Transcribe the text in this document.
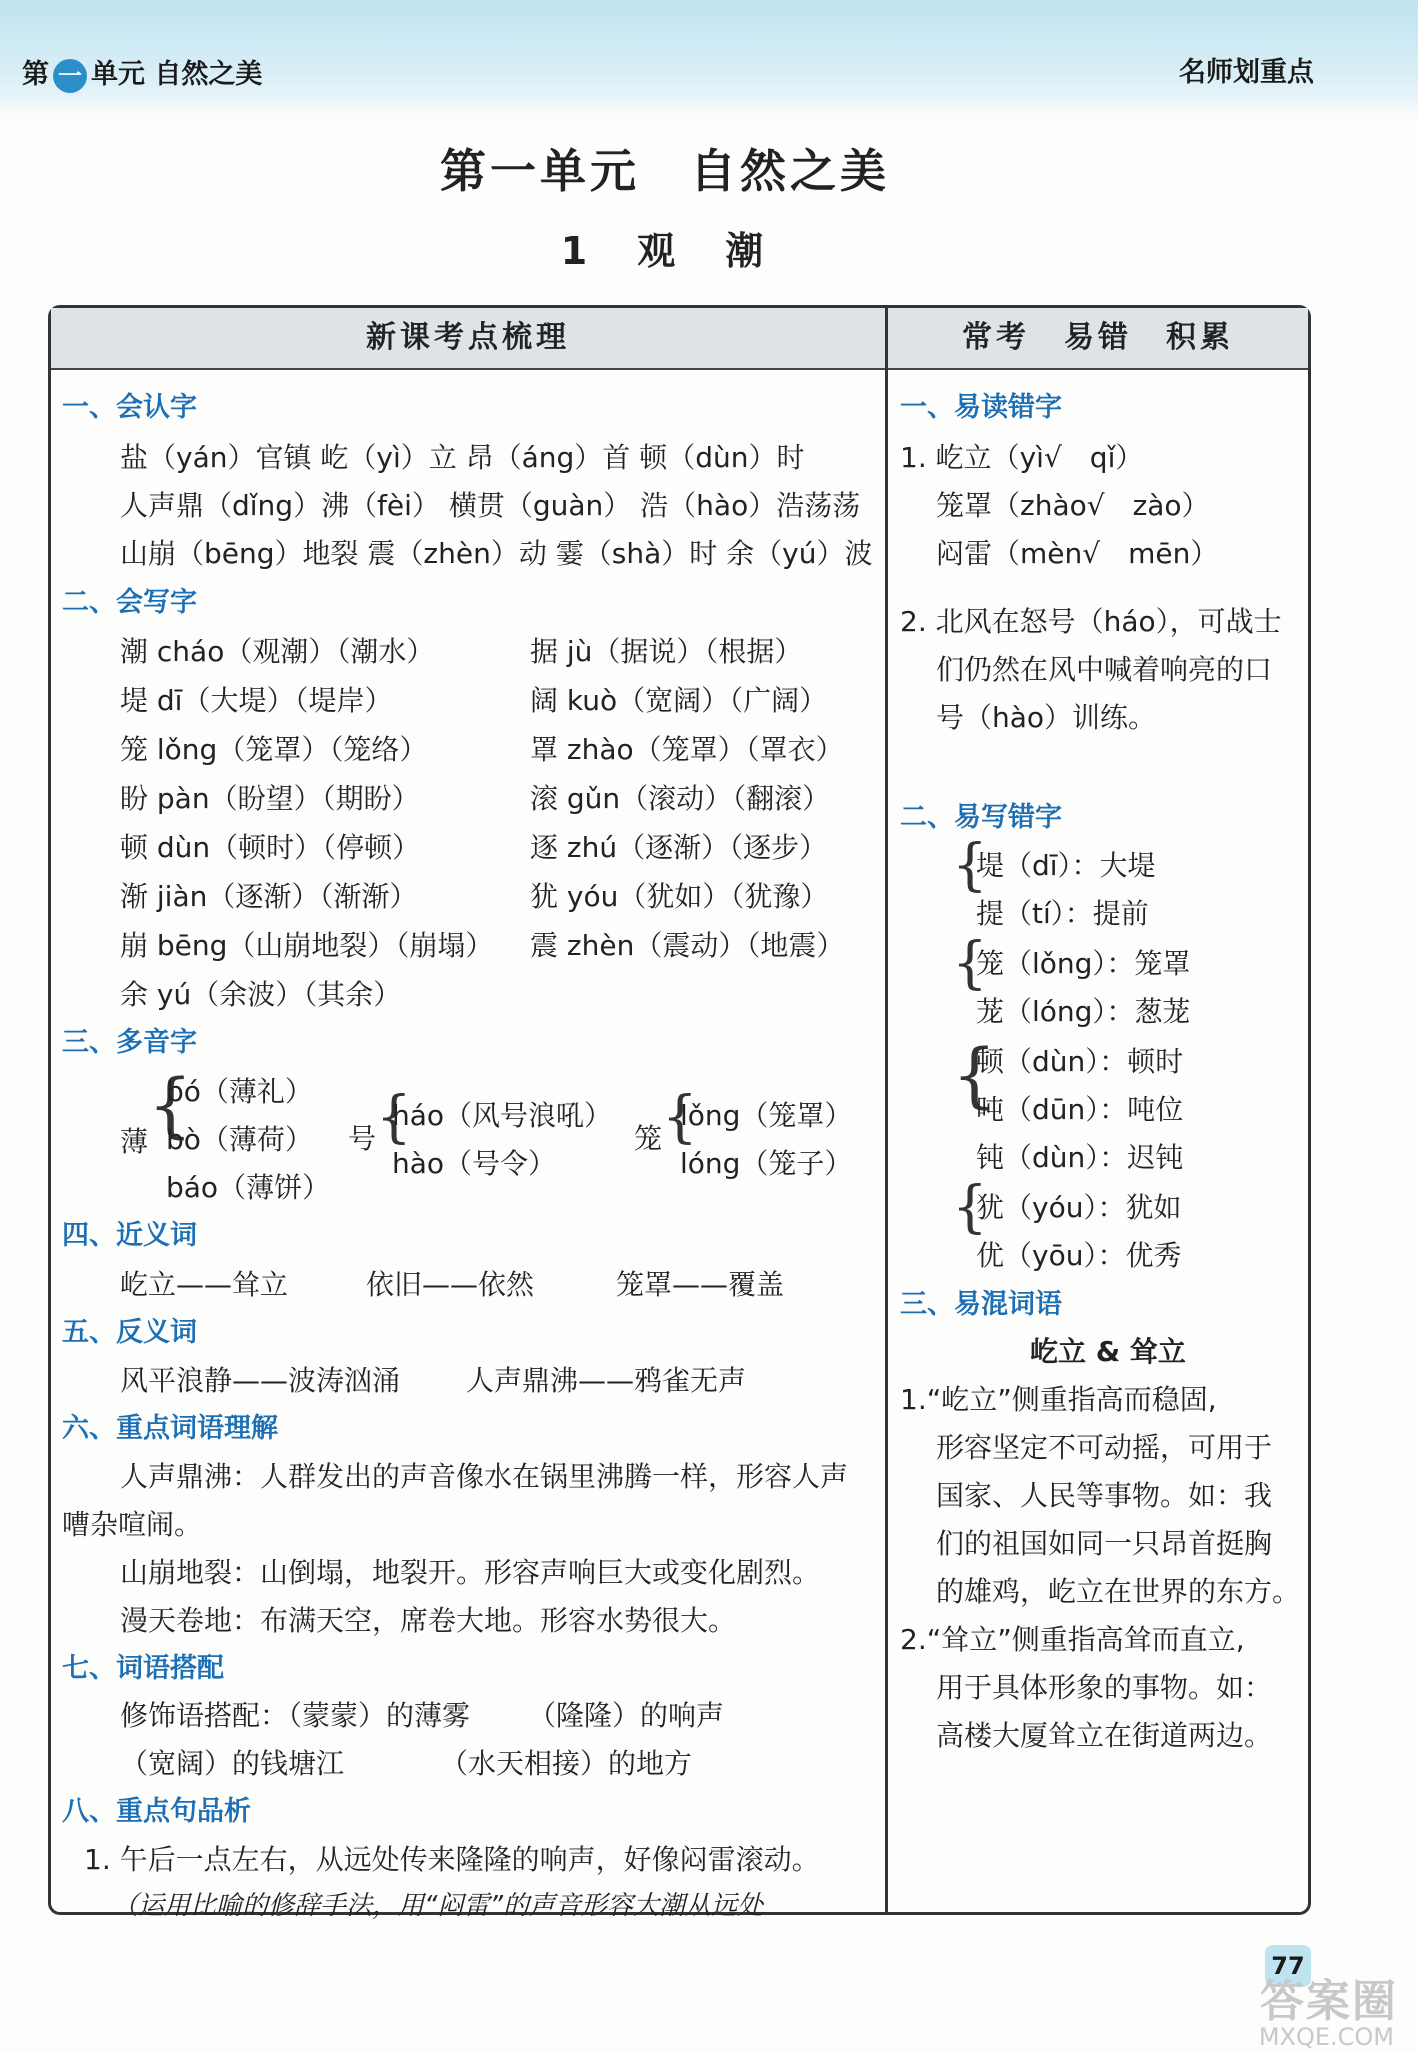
第 一 单元 自然之美	名师划重点
第一单元　自然之美
1　观　潮
新课考点梳理	常考　易错　积累
一、会认字
盐（yán）官镇 屹（yì）立 昂（áng）首 顿（dùn）时
人声鼎（dǐng）沸（fèi） 横贯（guàn） 浩（hào）浩荡荡
山崩（bēng）地裂 震（zhèn）动 霎（shà）时 余（yú）波
二、会写字
潮 cháo（观潮）（潮水）	据 jù（据说）（根据）
堤 dī（大堤）（堤岸）	阔 kuò（宽阔）（广阔）
笼 lǒng（笼罩）（笼络）	罩 zhào（笼罩）（罩衣）
盼 pàn（盼望）（期盼）	滚 gǔn（滚动）（翻滚）
顿 dùn（顿时）（停顿）	逐 zhú（逐渐）（逐步）
渐 jiàn（逐渐）（渐渐）	犹 yóu（犹如）（犹豫）
崩 bēng（山崩地裂）（崩塌） 震 zhèn（震动）（地震）
余 yú（余波）（其余）
三、多音字
薄 {
bó（薄礼）
bò（薄荷）
báo（薄饼）
号 {
háo（风号浪吼）
hào（号令）
笼 {
lǒng（笼罩）
lóng（笼子）
四、近义词
屹立——耸立	依旧——依然	笼罩——覆盖
五、反义词
风平浪静——波涛汹涌 人声鼎沸——鸦雀无声
六、重点词语理解
人声鼎沸：人群发出的声音像水在锅里沸腾一样，形容人声
嘈杂喧闹。
山崩地裂：山倒塌，地裂开。形容声响巨大或变化剧烈。
漫天卷地：布满天空，席卷大地。形容水势很大。
七、词语搭配
修饰语搭配：（蒙蒙）的薄雾 （隆隆）的响声
（宽阔）的钱塘江	（水天相接）的地方
八、重点句品析
1. 午后一点左右，从远处传来隆隆的响声，好像闷雷滚动。
（运用比喻的修辞手法，用“闷雷”的声音形容大潮从远处
一、易读错字
1. 屹立（yì√　qǐ）
笼罩（zhào√　zào）
闷雷（mèn√　mēn）
2. 北风在怒号（háo），可战士
们仍然在风中喊着响亮的口
号（hào）训练。
二、易写错字
{
堤（dī）：大堤
提（tí）：提前
{
笼（lǒng）：笼罩
茏（lóng）：葱茏
{
顿（dùn）：顿时
吨（dūn）：吨位
钝（dùn）：迟钝
{
犹（yóu）：犹如
优（yōu）：优秀
三、易混词语
屹立 & 耸立
1.“屹立”侧重指高而稳固,
形容坚定不可动摇，可用于
国家、人民等事物。如：我
们的祖国如同一只昂首挺胸
的雄鸡，屹立在世界的东方。
2.“耸立”侧重指高耸而直立,
用于具体形象的事物。如：
高楼大厦耸立在街道两边。
77
答案圈
MXQE.COM
